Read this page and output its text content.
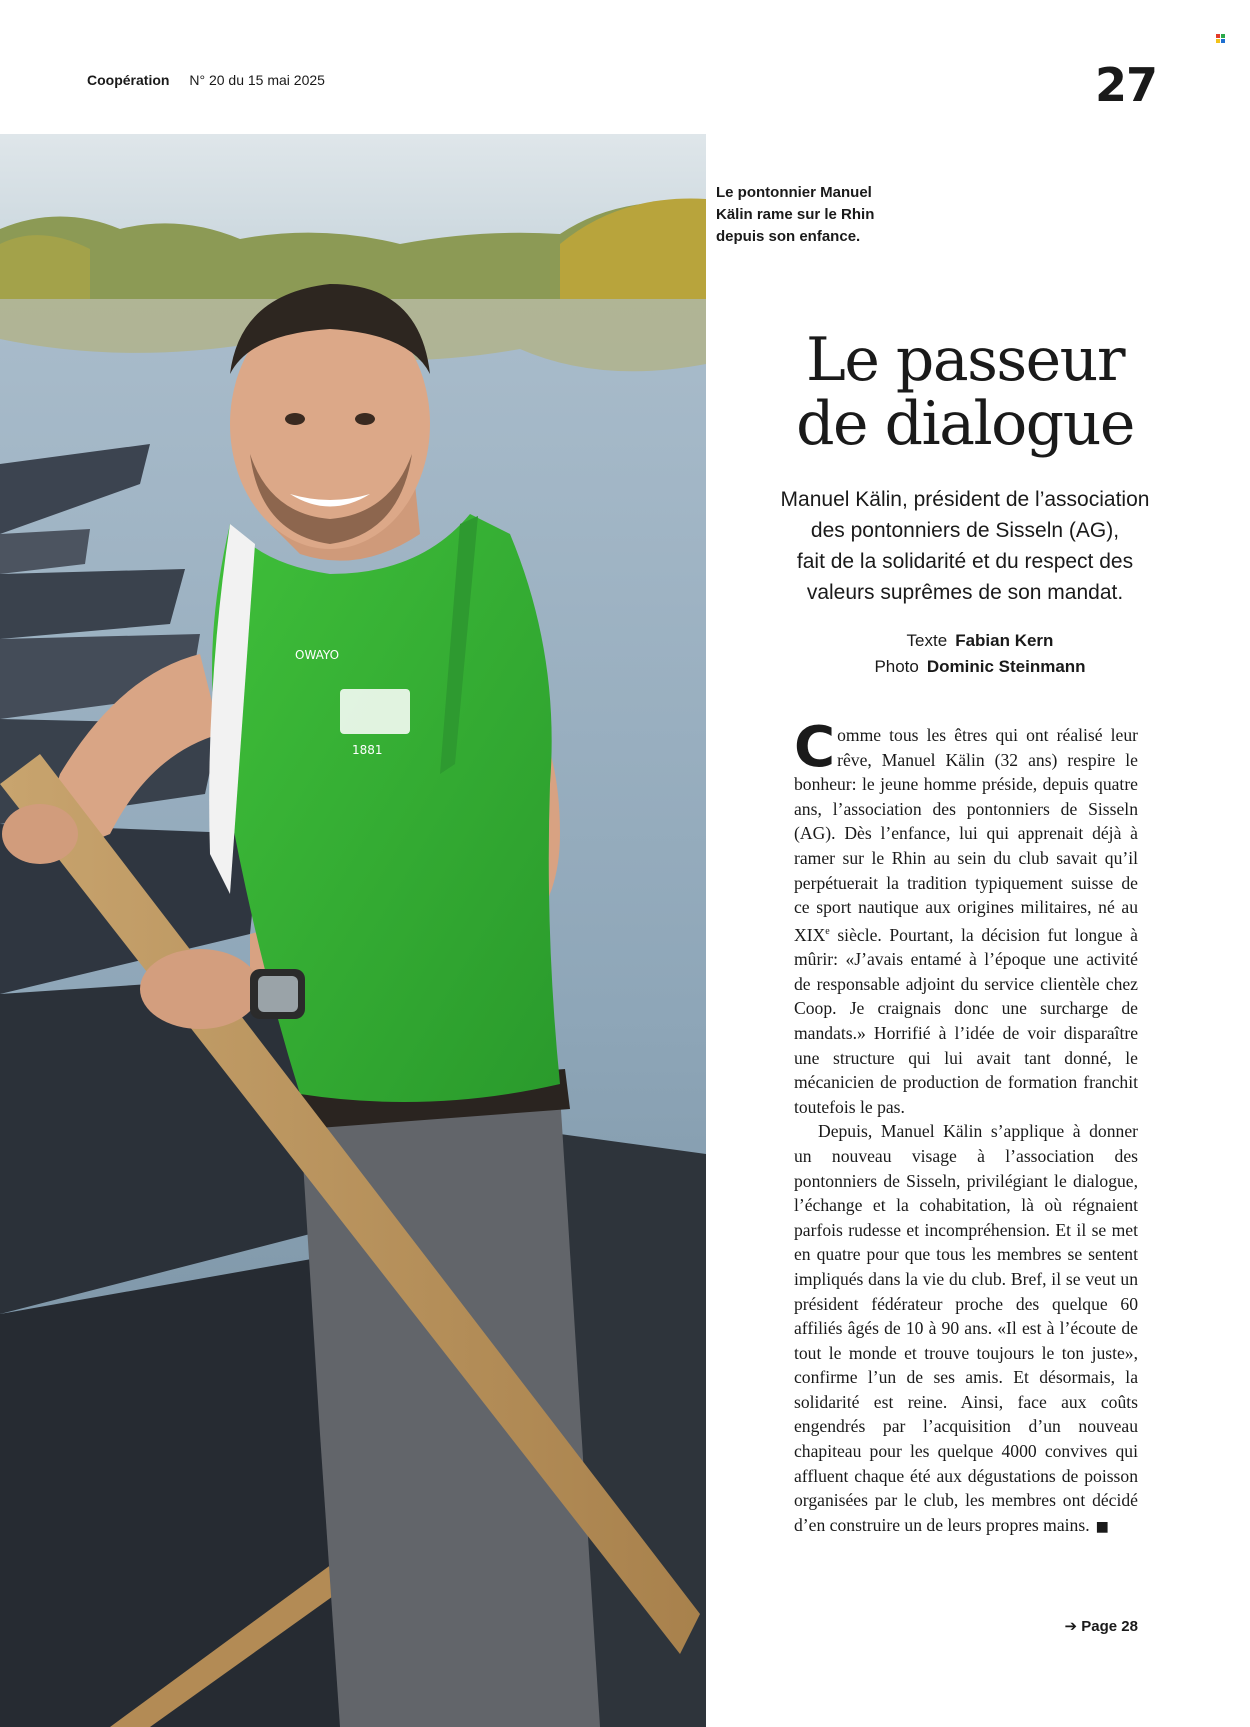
Coopération N° 20 du 15 mai 2025	27
OWAYO
1881
Le pontonnier Manuel Kälin rame sur le Rhin depuis son enfance.
Le passeur
de dialogue
Manuel Kälin, président de l’association
des pontonniers de Sisseln (AG),
fait de la solidarité et du respect des
valeurs suprêmes de son mandat.
Texte Fabian Kern
Photo Dominic Steinmann

Comme tous les êtres qui ont réalisé leur rêve, Manuel Kälin (32 ans) respire le bonheur: le jeune homme préside, depuis quatre ans, l’association des pontonniers de Sisseln (AG). Dès l’enfance, lui qui apprenait déjà à ramer sur le Rhin au sein du club savait qu’il perpétuerait la tradition typiquement suisse de ce sport nautique aux origines militaires, né au XIXe siècle. Pourtant, la décision fut longue à mûrir: «J’avais entamé à l’époque une activité de responsable adjoint du service clientèle chez Coop. Je craignais donc une surcharge de mandats.» Horrifié à l’idée de voir disparaître une structure qui lui avait tant donné, le mécanicien de production de formation franchit toutefois le pas.

Depuis, Manuel Kälin s’applique à donner un nouveau visage à l’association des pontonniers de Sisseln, privilégiant le dialogue, l’échange et la cohabitation, là où régnaient parfois rudesse et incompréhension. Et il se met en quatre pour que tous les membres se sentent impliqués dans la vie du club. Bref, il se veut un président fédérateur proche des quelque 60 affiliés âgés de 10 à 90 ans. «Il est à l’écoute de tout le monde et trouve toujours le ton juste», confirme l’un de ses amis. Et désormais, la solidarité est reine. Ainsi, face aux coûts engendrés par l’acquisition d’un nouveau chapiteau pour les quelque 4000 convives qui affluent chaque été aux dégustations de poisson organisées par le club, les membres ont décidé d’en construire un de leurs propres mains. ■

➔ Page 28
